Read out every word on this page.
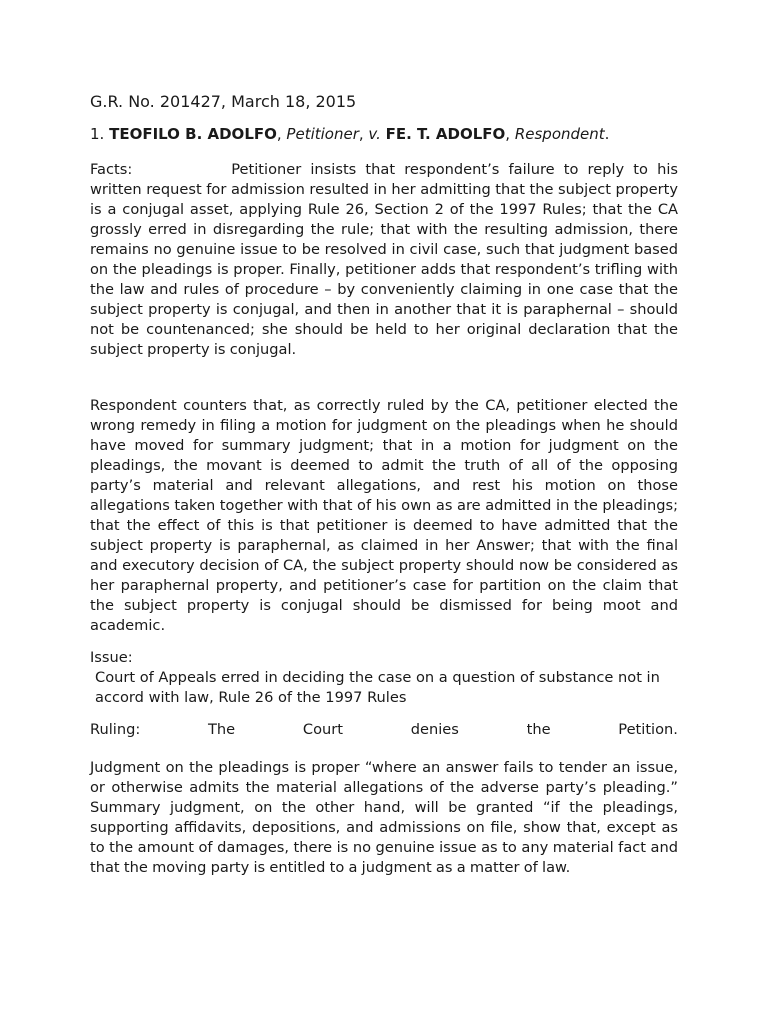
G.R. No. 201427, March 18, 2015

1. TEOFILO B. ADOLFO, Petitioner, v. FE. T. ADOLFO, Respondent.

Facts:	Petitioner insists that respondent’s failure to reply to his written request for admission resulted in her admitting that the subject property is a conjugal asset, applying Rule 26, Section 2 of the 1997 Rules; that the CA grossly erred in disregarding the rule; that with the resulting admission, there remains no genuine issue to be resolved in civil case, such that judgment based on the pleadings is proper. Finally, petitioner adds that respondent’s trifling with the law and rules of procedure – by conveniently claiming in one case that the subject property is conjugal, and then in another that it is paraphernal – should not be countenanced; she should be held to her original declaration that the subject property is conjugal.

Respondent counters that, as correctly ruled by the CA, petitioner elected the wrong remedy in filing a motion for judgment on the pleadings when he should have moved for summary judgment; that in a motion for judgment on the pleadings, the movant is deemed to admit the truth of all of the opposing party’s material and relevant allegations, and rest his motion on those allegations taken together with that of his own as are admitted in the pleadings; that the effect of this is that petitioner is deemed to have admitted that the subject property is paraphernal, as claimed in her Answer; that with the final and executory decision of CA, the subject property should now be considered as her paraphernal property, and petitioner’s case for partition on the claim that the subject property is conjugal should be dismissed for being moot and academic.

Issue:

Court of Appeals erred in deciding the case on a question of substance not in accord with law, Rule 26 of the 1997 Rules

Ruling:	The	Court	denies	the	Petition.

Judgment on the pleadings is proper “where an answer fails to tender an issue, or otherwise admits the material allegations of the adverse party’s pleading.” Summary judgment, on the other hand, will be granted “if the pleadings, supporting affidavits, depositions, and admissions on file, show that, except as to the amount of damages, there is no genuine issue as to any material fact and that the moving party is entitled to a judgment as a matter of law.
